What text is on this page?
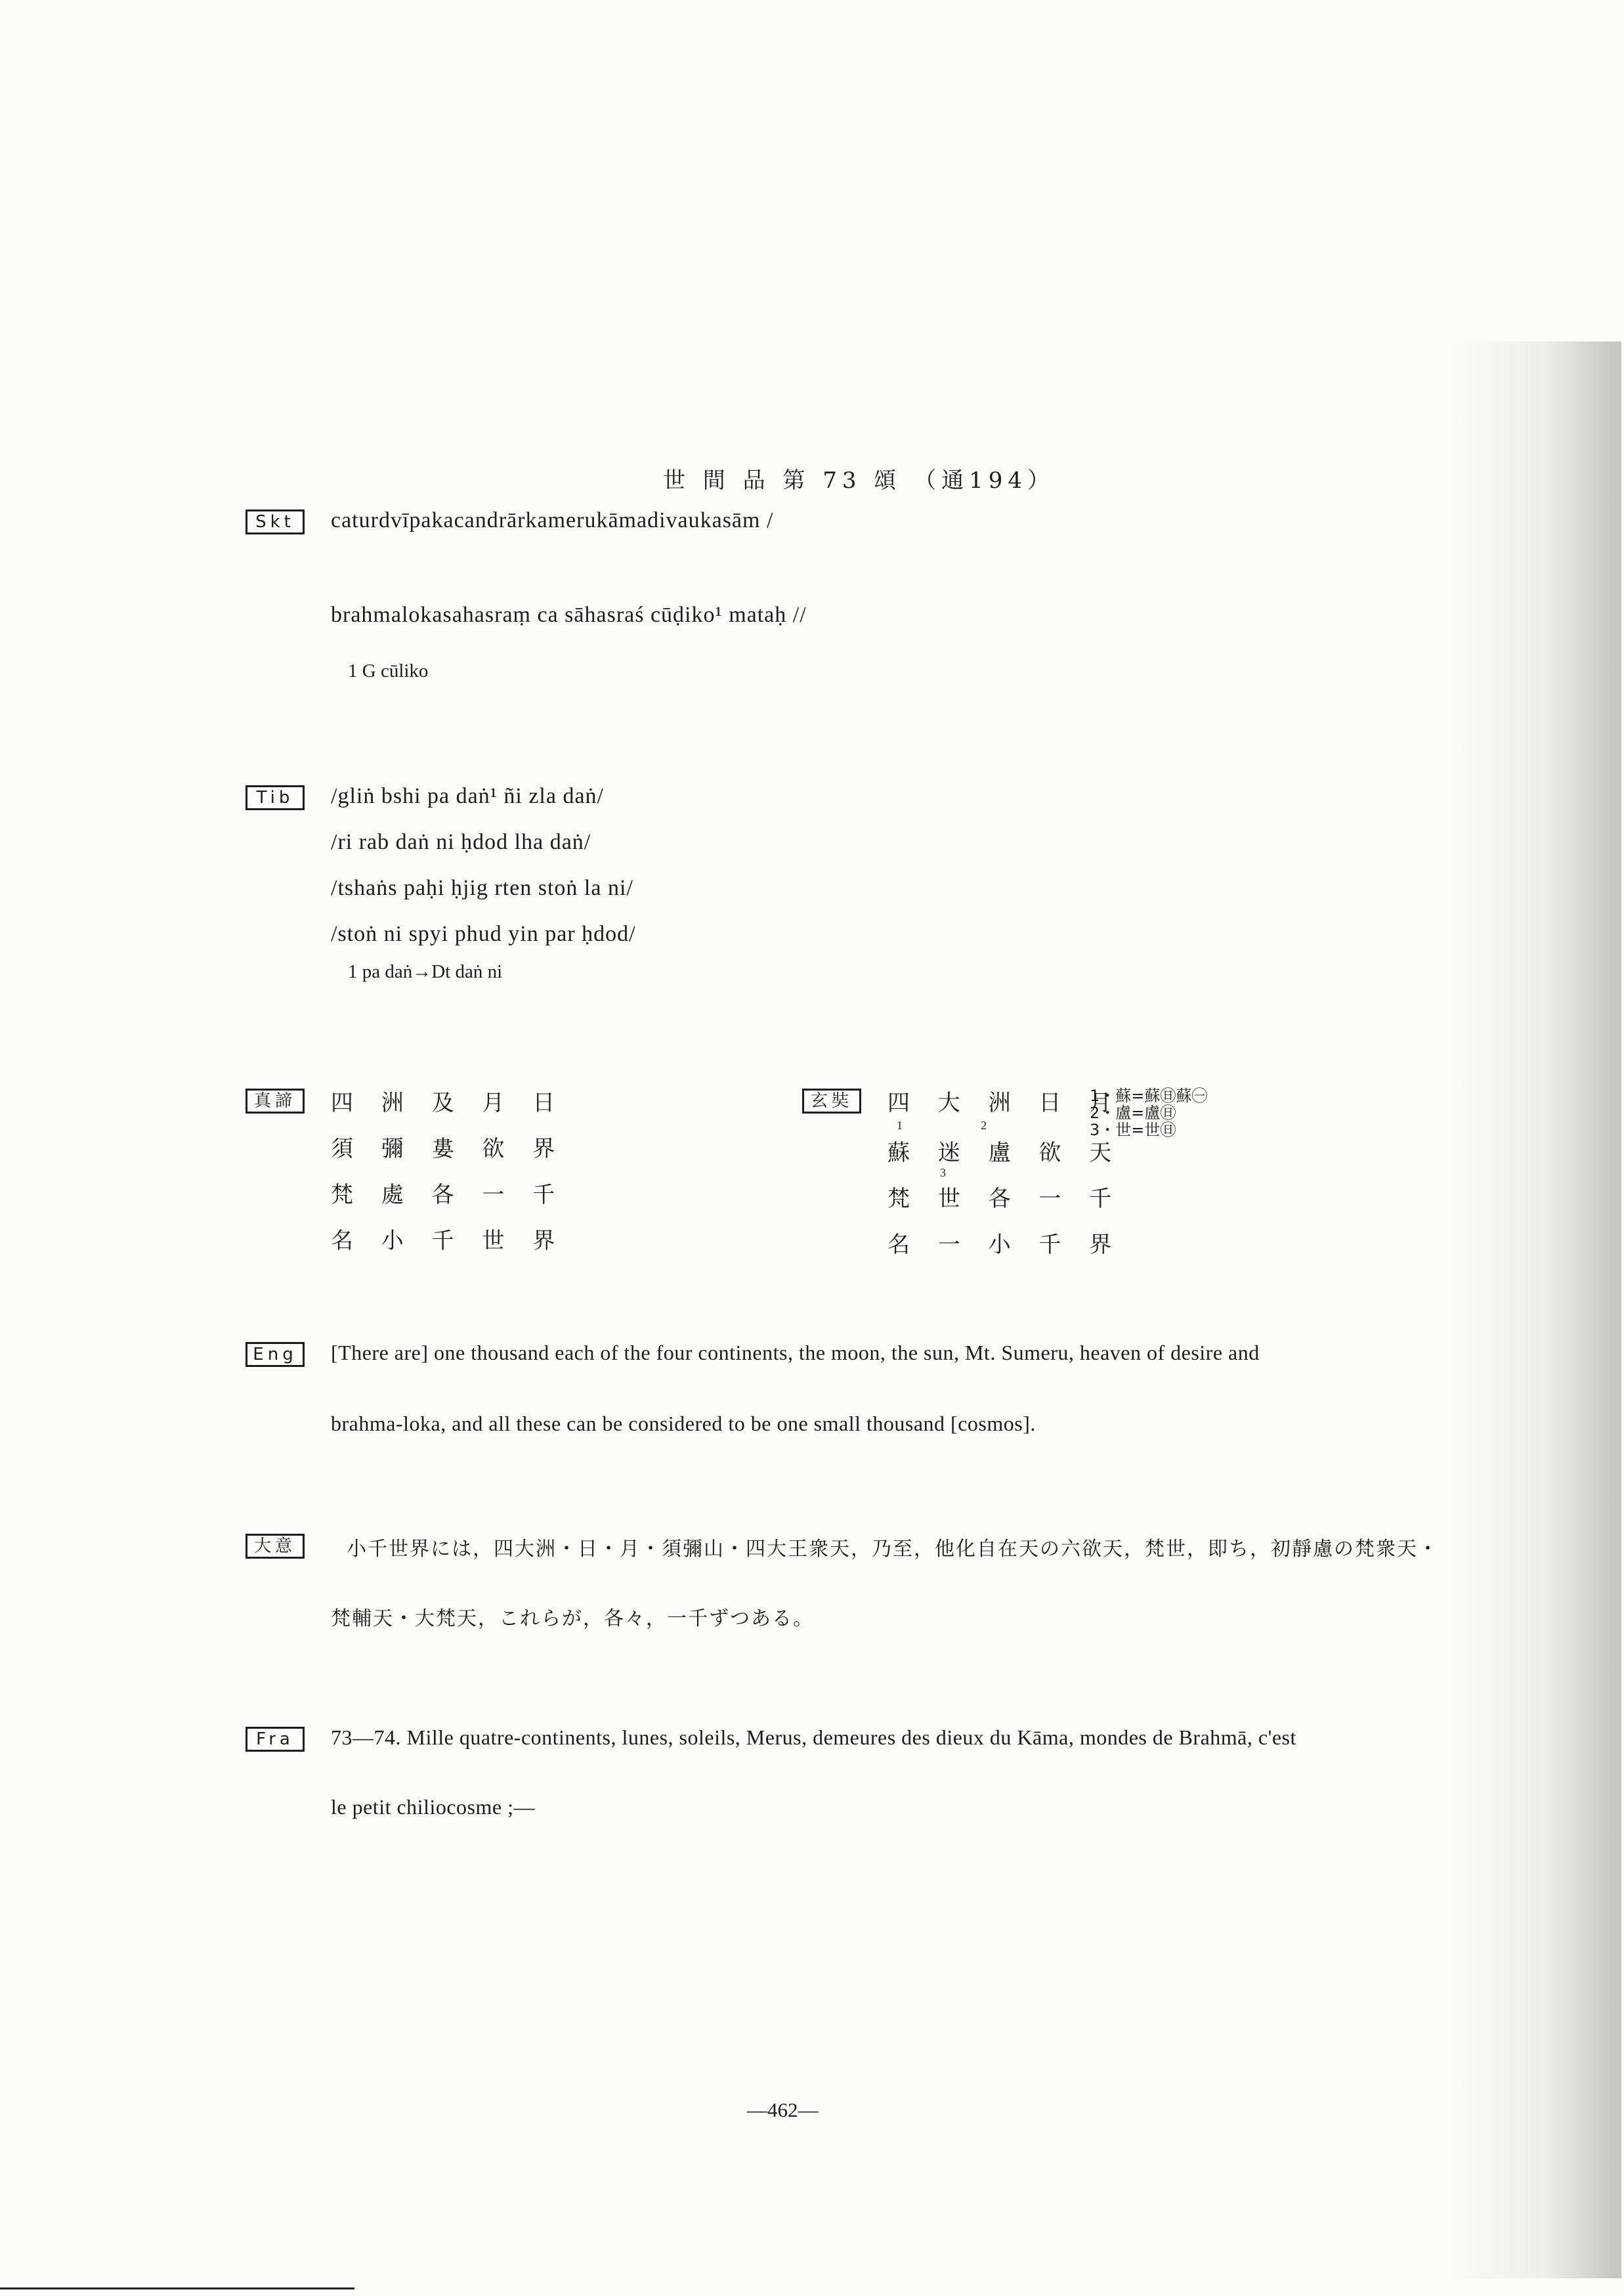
世 間 品 第 73 頌 （通194）
Skt	caturdvīpakacandrārkamerukāmadivaukasām /
brahmalokasahasraṃ ca sāhasraś cūḍiko¹ mataḥ //
1 G cūliko
Tib	/gliṅ bshi pa daṅ¹ ñi zla daṅ/
/ri rab daṅ ni ḥdod lha daṅ/
/tshaṅs paḥi ḥjig rten stoṅ la ni/
/stoṅ ni spyi phud yin par ḥdod/
1 pa daṅ→Dt daṅ ni
真諦	四 洲 及 月 日
須 彌 婁 欲 界
梵 處 各 一 千
名 小 千 世 界
玄奘	四 大 洲 日 月
1	2
蘇 迷 盧 欲 天
3
梵 世 各 一 千
名 一 小 千 界
1・蘇=蘇㊐蘇㊀
2・盧=盧㊐
3・世=世㊐
Eng	[There are] one thousand each of the four continents, the moon, the sun, Mt. Sumeru, heaven of desire and
brahma-loka, and all these can be considered to be one small thousand [cosmos].
大意	小千世界には，四大洲・日・月・須彌山・四大王衆天，乃至，他化自在天の六欲天，梵世，即ち，初靜慮の梵衆天・
梵輔天・大梵天，これらが，各々，一千ずつある。
Fra	73—74. Mille quatre-continents, lunes, soleils, Merus, demeures des dieux du Kāma, mondes de Brahmā, c'est
le petit chiliocosme ;—
—462—
